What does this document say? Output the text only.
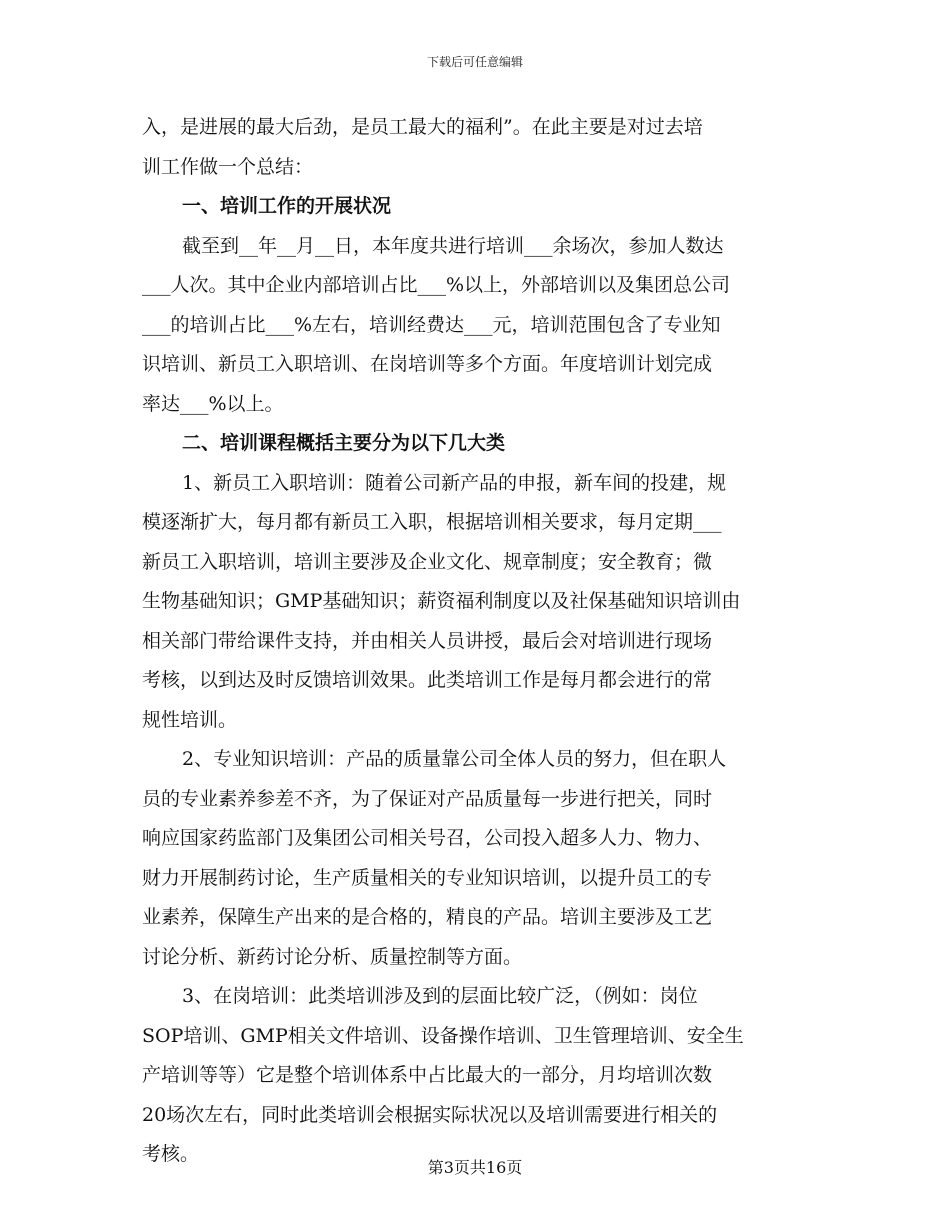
下载后可任意编辑
入，是进展的最大后劲，是员工最大的福利”。在此主要是对过去培
训工作做一个总结：
一、培训工作的开展状况
截至到__年__月__日，本年度共进行培训___余场次，参加人数达
___人次。其中企业内部培训占比___%以上，外部培训以及集团总公司
___的培训占比___%左右，培训经费达___元，培训范围包含了专业知
识培训、新员工入职培训、在岗培训等多个方面。年度培训计划完成
率达___%以上。
二、培训课程概括主要分为以下几大类
1、新员工入职培训：随着公司新产品的申报，新车间的投建，规
模逐渐扩大，每月都有新员工入职，根据培训相关要求，每月定期___
新员工入职培训，培训主要涉及企业文化、规章制度；安全教育；微
生物基础知识；GMP基础知识；薪资福利制度以及社保基础知识培训由
相关部门带给课件支持，并由相关人员讲授，最后会对培训进行现场
考核，以到达及时反馈培训效果。此类培训工作是每月都会进行的常
规性培训。
2、专业知识培训：产品的质量靠公司全体人员的努力，但在职人
员的专业素养参差不齐，为了保证对产品质量每一步进行把关，同时
响应国家药监部门及集团公司相关号召，公司投入超多人力、物力、
财力开展制药讨论，生产质量相关的专业知识培训，以提升员工的专
业素养，保障生产出来的是合格的，精良的产品。培训主要涉及工艺
讨论分析、新药讨论分析、质量控制等方面。
3、在岗培训：此类培训涉及到的层面比较广泛，（例如：岗位
SOP培训、GMP相关文件培训、设备操作培训、卫生管理培训、安全生
产培训等等）它是整个培训体系中占比最大的一部分，月均培训次数
20场次左右，同时此类培训会根据实际状况以及培训需要进行相关的
考核。
第3页共16页
